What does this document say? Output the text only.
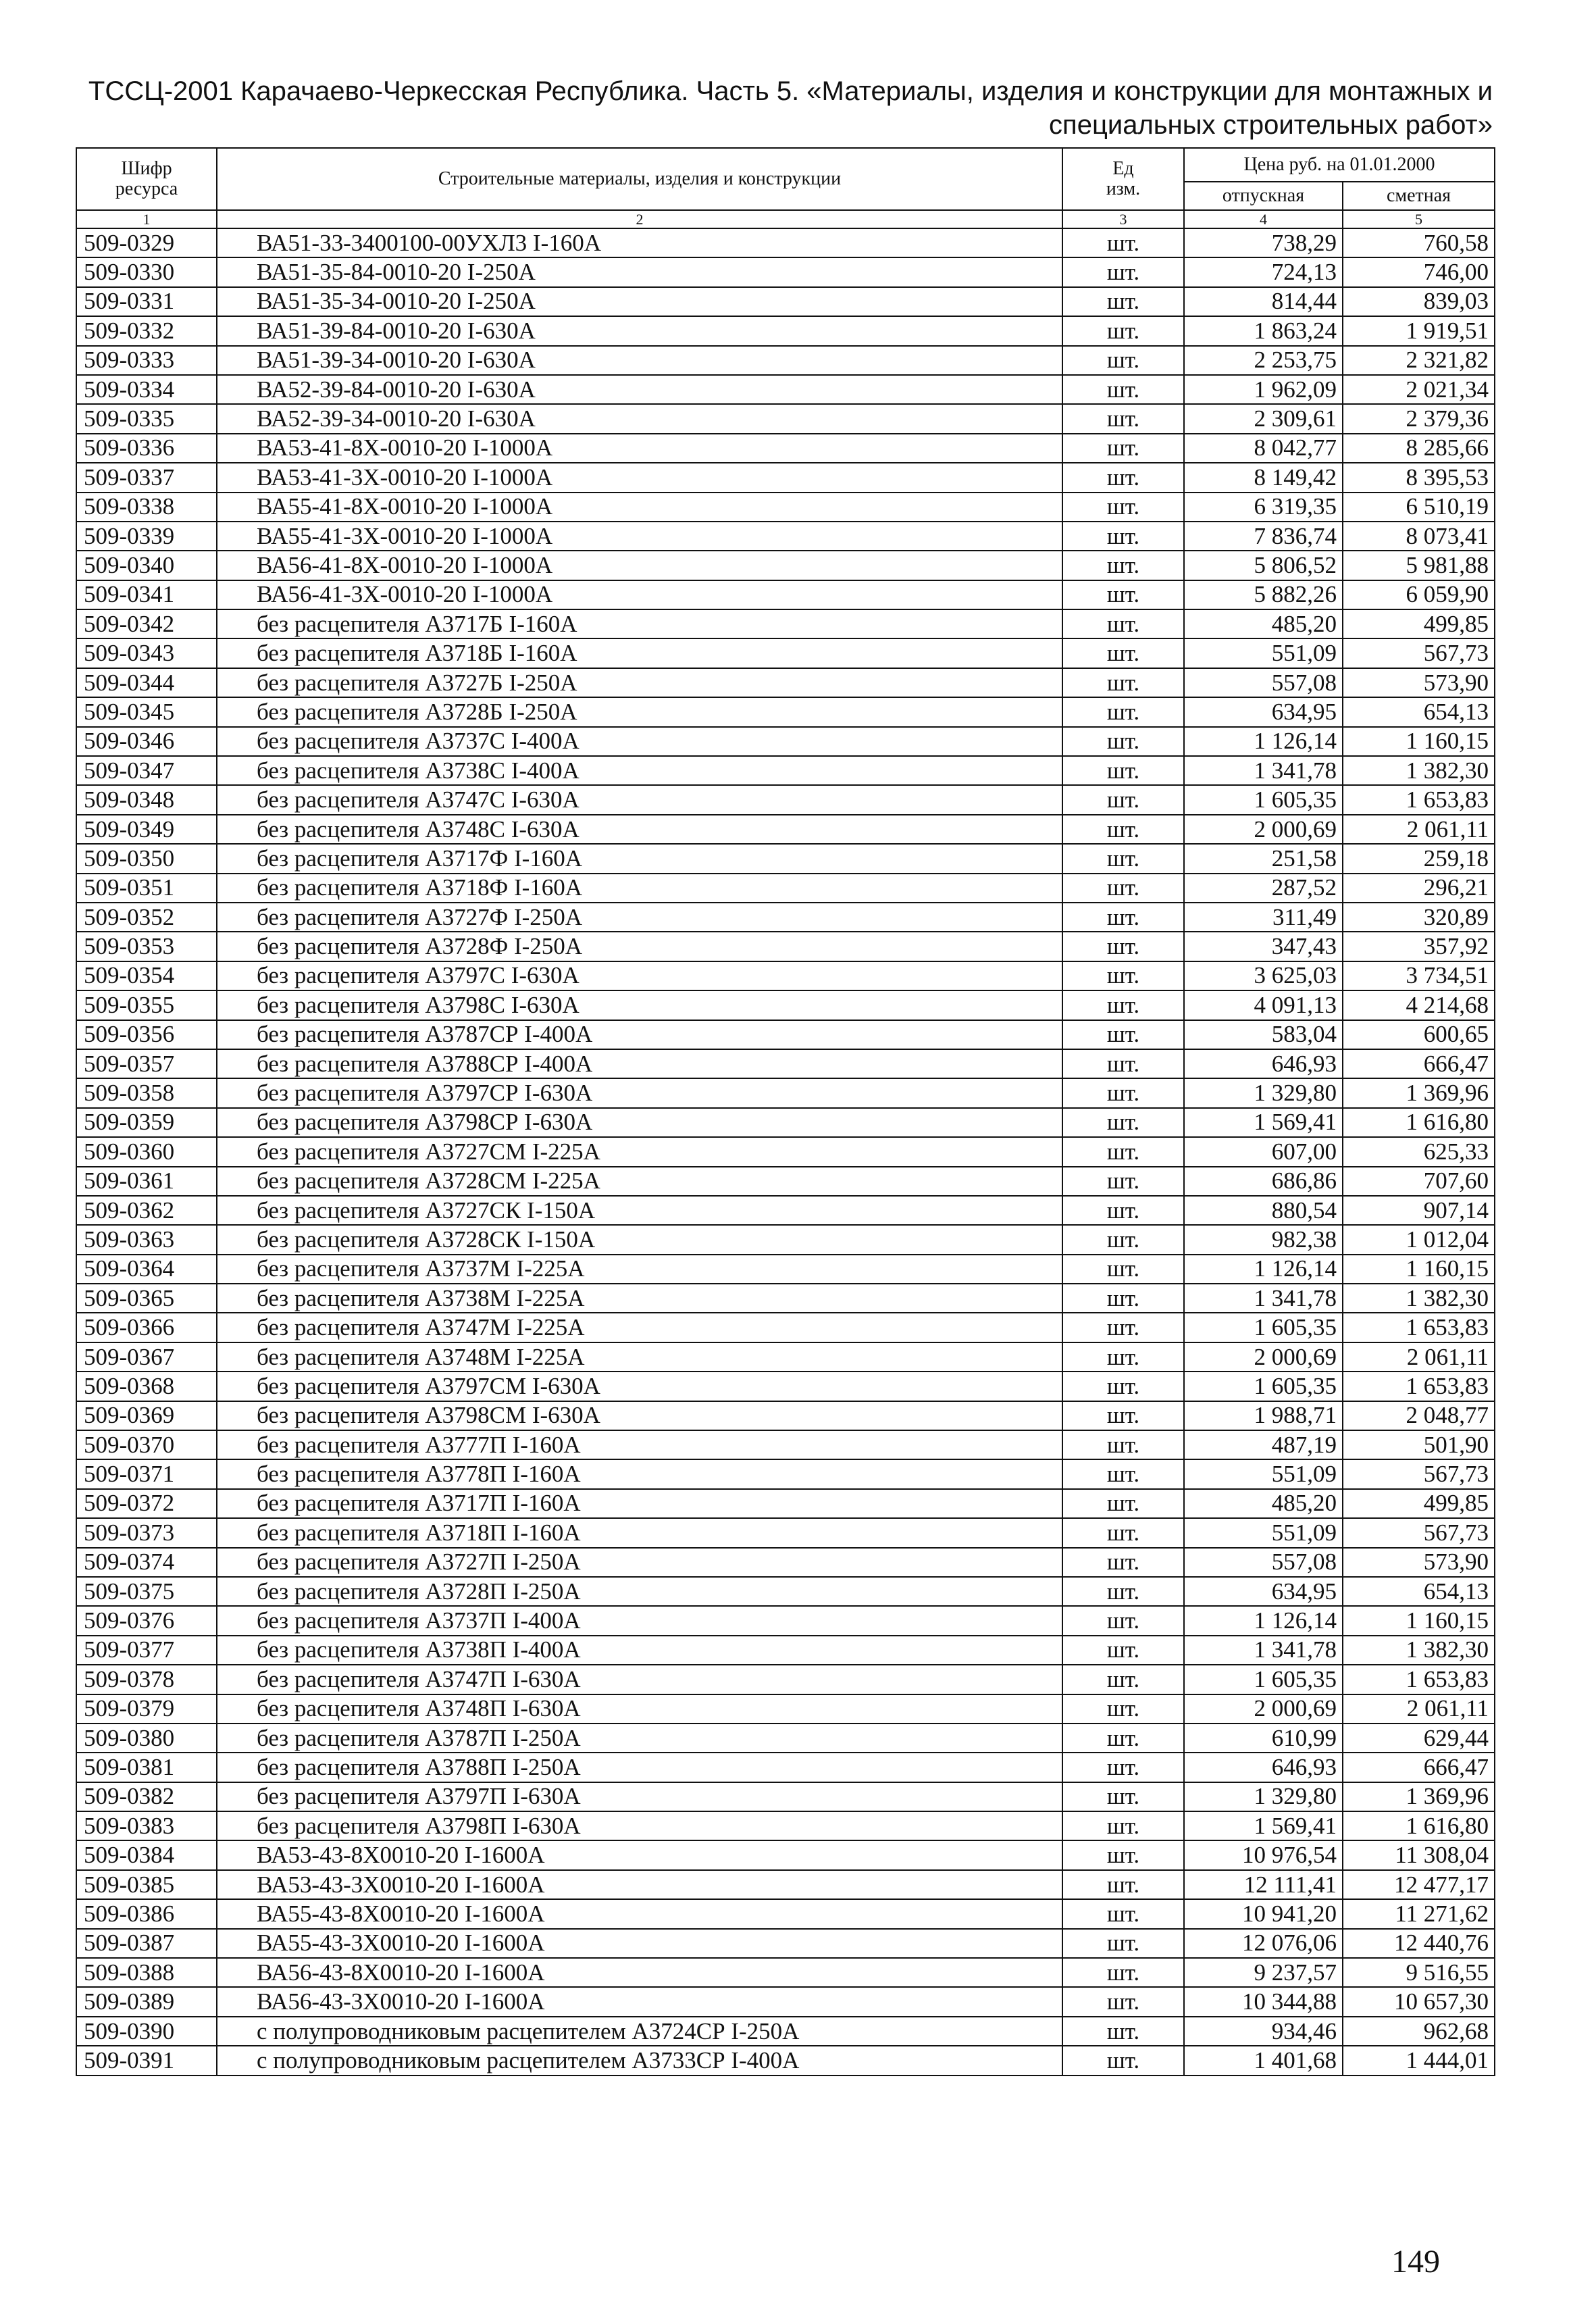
ТССЦ-2001 Карачаево-Черкесская Республика. Часть 5. «Материалы, изделия и конструкции для монтажных и
специальных строительных работ»
Шифр
ресурса	Строительные материалы, изделия и конструкции	Ед
изм.	Цена руб. на 01.01.2000	
			отпускная	сметная
1	2	3	4	5
509-0329	ВА51-33-3400100-00УХЛ3 I-160А	шт.	738,29	760,58
509-0330	ВА51-35-84-0010-20 I-250А	шт.	724,13	746,00
509-0331	ВА51-35-34-0010-20 I-250А	шт.	814,44	839,03
509-0332	ВА51-39-84-0010-20 I-630А	шт.	1 863,24	1 919,51
509-0333	ВА51-39-34-0010-20 I-630А	шт.	2 253,75	2 321,82
509-0334	ВА52-39-84-0010-20 I-630А	шт.	1 962,09	2 021,34
509-0335	ВА52-39-34-0010-20 I-630А	шт.	2 309,61	2 379,36
509-0336	ВА53-41-8Х-0010-20 I-1000А	шт.	8 042,77	8 285,66
509-0337	ВА53-41-3Х-0010-20 I-1000А	шт.	8 149,42	8 395,53
509-0338	ВА55-41-8Х-0010-20 I-1000А	шт.	6 319,35	6 510,19
509-0339	ВА55-41-3Х-0010-20 I-1000А	шт.	7 836,74	8 073,41
509-0340	ВА56-41-8Х-0010-20 I-1000А	шт.	5 806,52	5 981,88
509-0341	ВА56-41-3Х-0010-20 I-1000А	шт.	5 882,26	6 059,90
509-0342	без расцепителя А3717Б I-160А	шт.	485,20	499,85
509-0343	без расцепителя А3718Б I-160А	шт.	551,09	567,73
509-0344	без расцепителя А3727Б I-250А	шт.	557,08	573,90
509-0345	без расцепителя А3728Б I-250А	шт.	634,95	654,13
509-0346	без расцепителя А3737С I-400А	шт.	1 126,14	1 160,15
509-0347	без расцепителя А3738С I-400А	шт.	1 341,78	1 382,30
509-0348	без расцепителя А3747С I-630А	шт.	1 605,35	1 653,83
509-0349	без расцепителя А3748С I-630А	шт.	2 000,69	2 061,11
509-0350	без расцепителя А3717Ф I-160А	шт.	251,58	259,18
509-0351	без расцепителя А3718Ф I-160А	шт.	287,52	296,21
509-0352	без расцепителя А3727Ф I-250А	шт.	311,49	320,89
509-0353	без расцепителя А3728Ф I-250А	шт.	347,43	357,92
509-0354	без расцепителя А3797С I-630А	шт.	3 625,03	3 734,51
509-0355	без расцепителя А3798С I-630А	шт.	4 091,13	4 214,68
509-0356	без расцепителя А3787СР I-400А	шт.	583,04	600,65
509-0357	без расцепителя А3788СР I-400А	шт.	646,93	666,47
509-0358	без расцепителя А3797СР I-630А	шт.	1 329,80	1 369,96
509-0359	без расцепителя А3798СР I-630А	шт.	1 569,41	1 616,80
509-0360	без расцепителя А3727СМ I-225А	шт.	607,00	625,33
509-0361	без расцепителя А3728СМ I-225А	шт.	686,86	707,60
509-0362	без расцепителя А3727СК I-150А	шт.	880,54	907,14
509-0363	без расцепителя А3728СК I-150А	шт.	982,38	1 012,04
509-0364	без расцепителя А3737М I-225А	шт.	1 126,14	1 160,15
509-0365	без расцепителя А3738М I-225А	шт.	1 341,78	1 382,30
509-0366	без расцепителя А3747М I-225А	шт.	1 605,35	1 653,83
509-0367	без расцепителя А3748М I-225А	шт.	2 000,69	2 061,11
509-0368	без расцепителя А3797СМ I-630А	шт.	1 605,35	1 653,83
509-0369	без расцепителя А3798СМ I-630А	шт.	1 988,71	2 048,77
509-0370	без расцепителя А3777П I-160А	шт.	487,19	501,90
509-0371	без расцепителя А3778П I-160А	шт.	551,09	567,73
509-0372	без расцепителя А3717П I-160А	шт.	485,20	499,85
509-0373	без расцепителя А3718П I-160А	шт.	551,09	567,73
509-0374	без расцепителя А3727П I-250А	шт.	557,08	573,90
509-0375	без расцепителя А3728П I-250А	шт.	634,95	654,13
509-0376	без расцепителя А3737П I-400А	шт.	1 126,14	1 160,15
509-0377	без расцепителя А3738П I-400А	шт.	1 341,78	1 382,30
509-0378	без расцепителя А3747П I-630А	шт.	1 605,35	1 653,83
509-0379	без расцепителя А3748П I-630А	шт.	2 000,69	2 061,11
509-0380	без расцепителя А3787П I-250А	шт.	610,99	629,44
509-0381	без расцепителя А3788П I-250А	шт.	646,93	666,47
509-0382	без расцепителя А3797П I-630А	шт.	1 329,80	1 369,96
509-0383	без расцепителя А3798П I-630А	шт.	1 569,41	1 616,80
509-0384	ВА53-43-8Х0010-20 I-1600А	шт.	10 976,54	11 308,04
509-0385	ВА53-43-3Х0010-20 I-1600А	шт.	12 111,41	12 477,17
509-0386	ВА55-43-8Х0010-20 I-1600А	шт.	10 941,20	11 271,62
509-0387	ВА55-43-3Х0010-20 I-1600А	шт.	12 076,06	12 440,76
509-0388	ВА56-43-8Х0010-20 I-1600А	шт.	9 237,57	9 516,55
509-0389	ВА56-43-3Х0010-20 I-1600А	шт.	10 344,88	10 657,30
509-0390	с полупроводниковым расцепителем А3724СР I-250А	шт.	934,46	962,68
509-0391	с полупроводниковым расцепителем А3733СР I-400А	шт.	1 401,68	1 444,01
149
